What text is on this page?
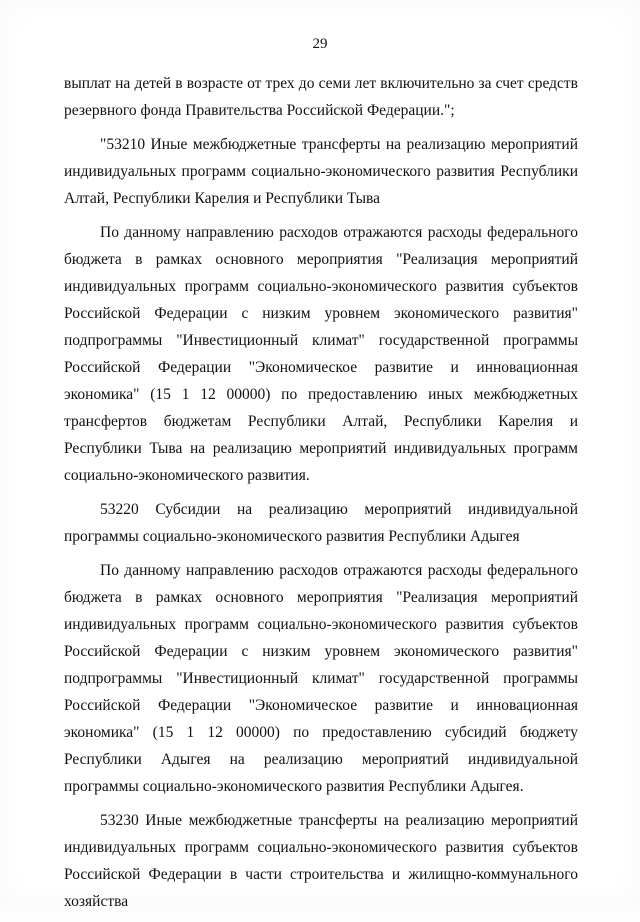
29

выплат на детей в возрасте от трех до семи лет включительно за счет средств резервного фонда Правительства Российской Федерации.";

"53210 Иные межбюджетные трансферты на реализацию мероприятий индивидуальных программ социально-экономического развития Республики Алтай, Республики Карелия и Республики Тыва

По данному направлению расходов отражаются расходы федерального бюджета в рамках основного мероприятия "Реализация мероприятий индивидуальных программ социально-экономического развития субъектов Российской Федерации с низким уровнем экономического развития" подпрограммы "Инвестиционный климат" государственной программы Российской Федерации "Экономическое развитие и инновационная экономика" (15 1 12 00000) по предоставлению иных межбюджетных трансфертов бюджетам Республики Алтай, Республики Карелия и Республики Тыва на реализацию мероприятий индивидуальных программ социально-экономического развития.

53220 Субсидии на реализацию мероприятий индивидуальной программы социально-экономического развития Республики Адыгея

По данному направлению расходов отражаются расходы федерального бюджета в рамках основного мероприятия "Реализация мероприятий индивидуальных программ социально-экономического развития субъектов Российской Федерации с низким уровнем экономического развития" подпрограммы "Инвестиционный климат" государственной программы Российской Федерации "Экономическое развитие и инновационная экономика" (15 1 12 00000) по предоставлению субсидий бюджету Республики Адыгея на реализацию мероприятий индивидуальной программы социально-экономического развития Республики Адыгея.

53230 Иные межбюджетные трансферты на реализацию мероприятий индивидуальных программ социально-экономического развития субъектов Российской Федерации в части строительства и жилищно-коммунального хозяйства
